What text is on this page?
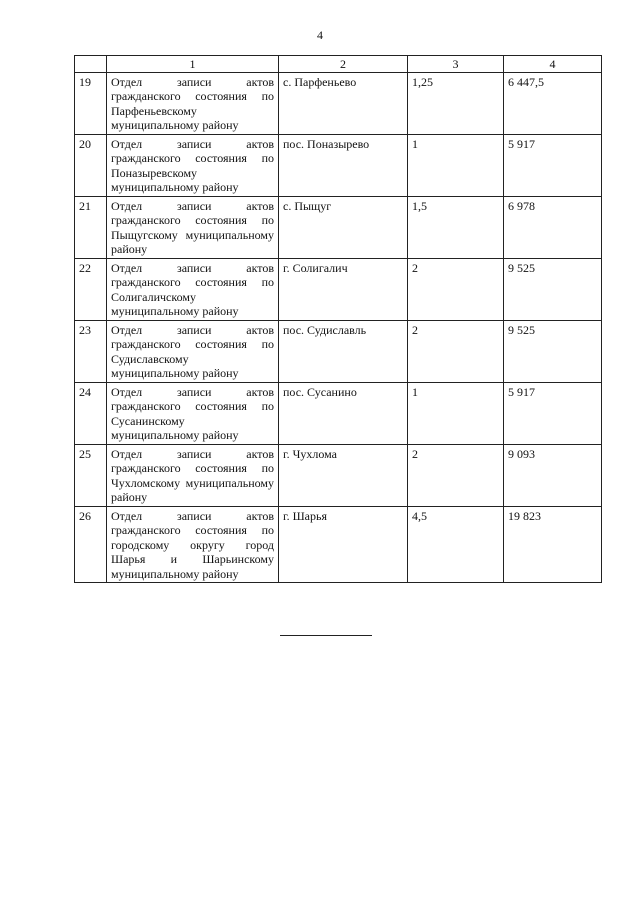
4
	1	2	3	4
19	Отдел записи актов гражданского состояния по Парфеньевскому муниципальному району	с. Парфеньево	1,25	6 447,5
20	Отдел записи актов гражданского состояния по Поназыревскому муниципальному району	пос. Поназырево	1	5 917
21	Отдел записи актов гражданского состояния по Пыщугскому муниципальному району	с. Пыщуг	1,5	6 978
22	Отдел записи актов гражданского состояния по Солигаличскому муниципальному району	г. Солигалич	2	9 525
23	Отдел записи актов гражданского состояния по Судиславскому муниципальному району	пос. Судиславль	2	9 525
24	Отдел записи актов гражданского состояния по Сусанинскому муниципальному району	пос. Сусанино	1	5 917
25	Отдел записи актов гражданского состояния по Чухломскому муниципальному району	г. Чухлома	2	9 093
26	Отдел записи актов гражданского состояния по городскому округу город Шарья и Шарьинскому муниципальному району	г. Шарья	4,5	19 823
